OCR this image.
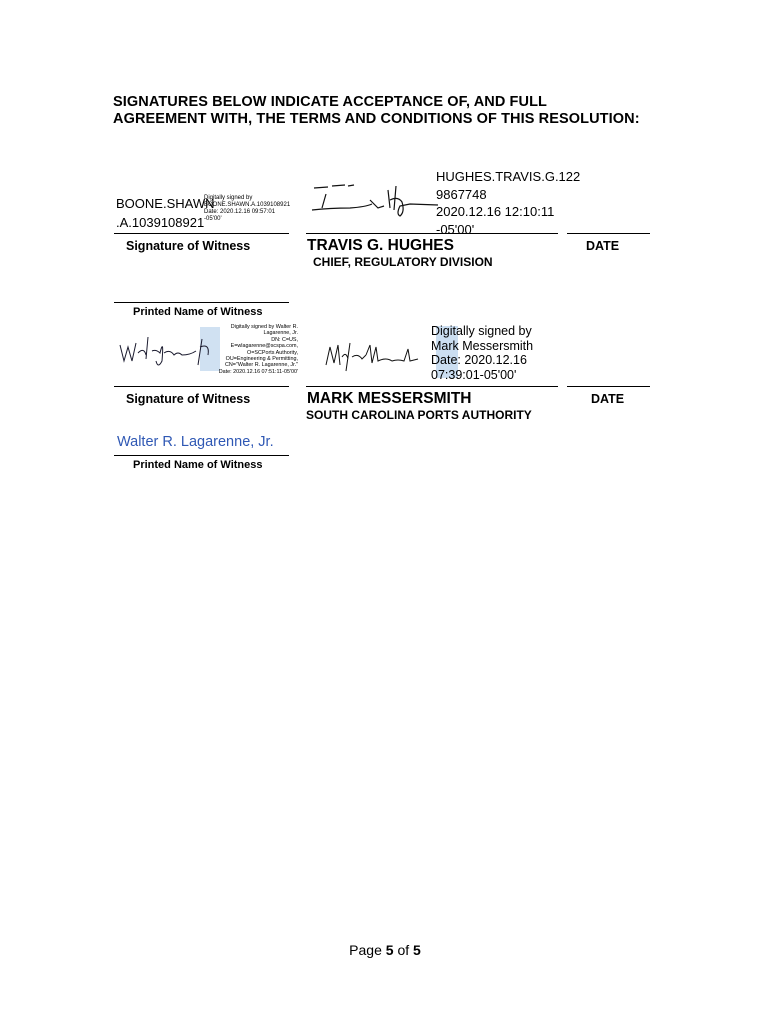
SIGNATURES BELOW INDICATE ACCEPTANCE OF, AND FULL
AGREEMENT WITH, THE TERMS AND CONDITIONS OF THIS RESOLUTION:
BOONE.SHAWN
.A.1039108921
Digitally signed by
BOONE.SHAWN.A.1039108921
Date: 2020.12.16 09:57:01
-05'00'
HUGHES.TRAVIS.G.122
9867748
2020.12.16 12:10:11
-05'00'
Signature of Witness	TRAVIS G. HUGHES
CHIEF, REGULATORY DIVISION
DATE
Printed Name of Witness
Digitally signed by Walter R.
Lagarenne, Jr.
DN: C=US,
E=wlagarenne@scspa.com,
O=SCPorts Authority,
OU=Engineering & Permitting,
CN="Walter R. Lagarenne, Jr."
Date: 2020.12.16 07:51:11-05'00'
Digitally signed by
Mark Messersmith
Date: 2020.12.16
07:39:01-05'00'
Signature of Witness	MARK MESSERSMITH
SOUTH CAROLINA PORTS AUTHORITY
DATE
Walter R. Lagarenne, Jr.
Printed Name of Witness
Page 5 of 5
